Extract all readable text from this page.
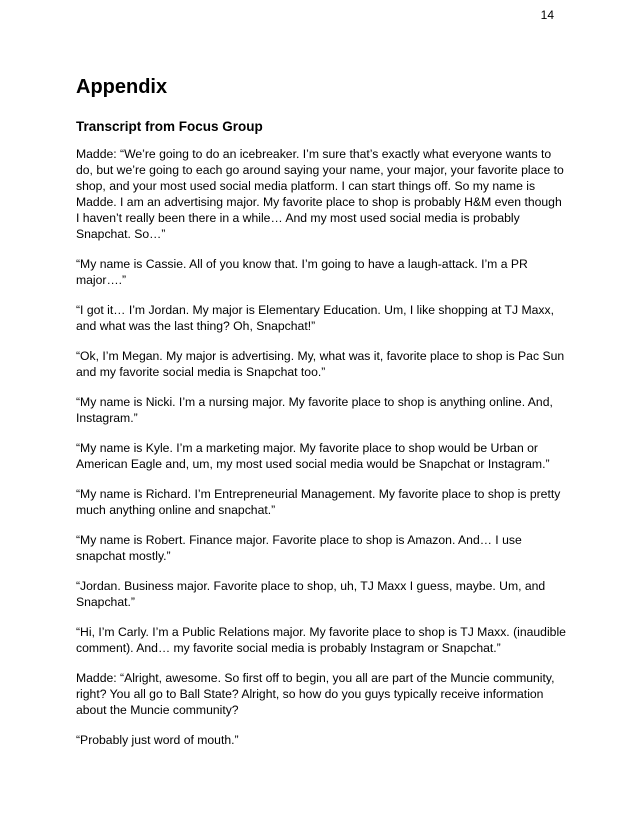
14
Appendix
Transcript from Focus Group

Madde: “We’re going to do an icebreaker. I’m sure that’s exactly what everyone wants to do, but we’re going to each go around saying your name, your major, your favorite place to shop, and your most used social media platform. I can start things off. So my name is Madde. I am an advertising major. My favorite place to shop is probably H&M even though I haven’t really been there in a while… And my most used social media is probably Snapchat. So…”

“My name is Cassie. All of you know that. I’m going to have a laugh-attack. I’m a PR major….”

“I got it… I’m Jordan. My major is Elementary Education. Um, I like shopping at TJ Maxx, and what was the last thing? Oh, Snapchat!”

“Ok, I’m Megan. My major is advertising. My, what was it, favorite place to shop is Pac Sun and my favorite social media is Snapchat too.”

“My name is Nicki. I’m a nursing major. My favorite place to shop is anything online. And, Instagram.”

“My name is Kyle. I’m a marketing major. My favorite place to shop would be Urban or American Eagle and, um, my most used social media would be Snapchat or Instagram.”

“My name is Richard. I’m Entrepreneurial Management. My favorite place to shop is pretty much anything online and snapchat.”

“My name is Robert. Finance major. Favorite place to shop is Amazon. And… I use snapchat mostly.”

“Jordan. Business major. Favorite place to shop, uh, TJ Maxx I guess, maybe. Um, and Snapchat.”

“Hi, I’m Carly. I’m a Public Relations major. My favorite place to shop is TJ Maxx. (inaudible comment). And… my favorite social media is probably Instagram or Snapchat.”

Madde: “Alright, awesome. So first off to begin, you all are part of the Muncie community, right? You all go to Ball State? Alright, so how do you guys typically receive information about the Muncie community?

“Probably just word of mouth.”
